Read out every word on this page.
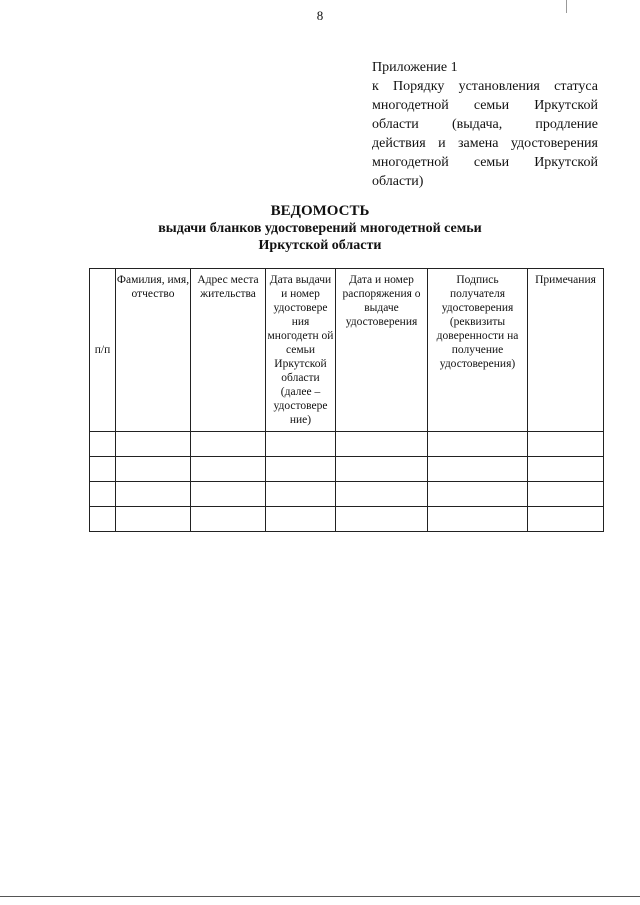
8
Приложение 1
к Порядку установления статуса
многодетной семьи Иркутской
области (выдача, продление
действия и замена удостоверения
многодетной семьи Иркутской
области)
ВЕДОМОСТЬ
выдачи бланков удостоверений многодетной семьи
Иркутской области
п/п	Фамилия, имя, отчество	Адрес места жительства	Дата выдачи и номер удостовере ния многодетн ой семьи Иркутской области (далее – удостовере ние)	Дата и номер распоряжения о выдаче удостоверения	Подпись получателя удостоверения (реквизиты доверенности на получение удостоверения)	Примечания
